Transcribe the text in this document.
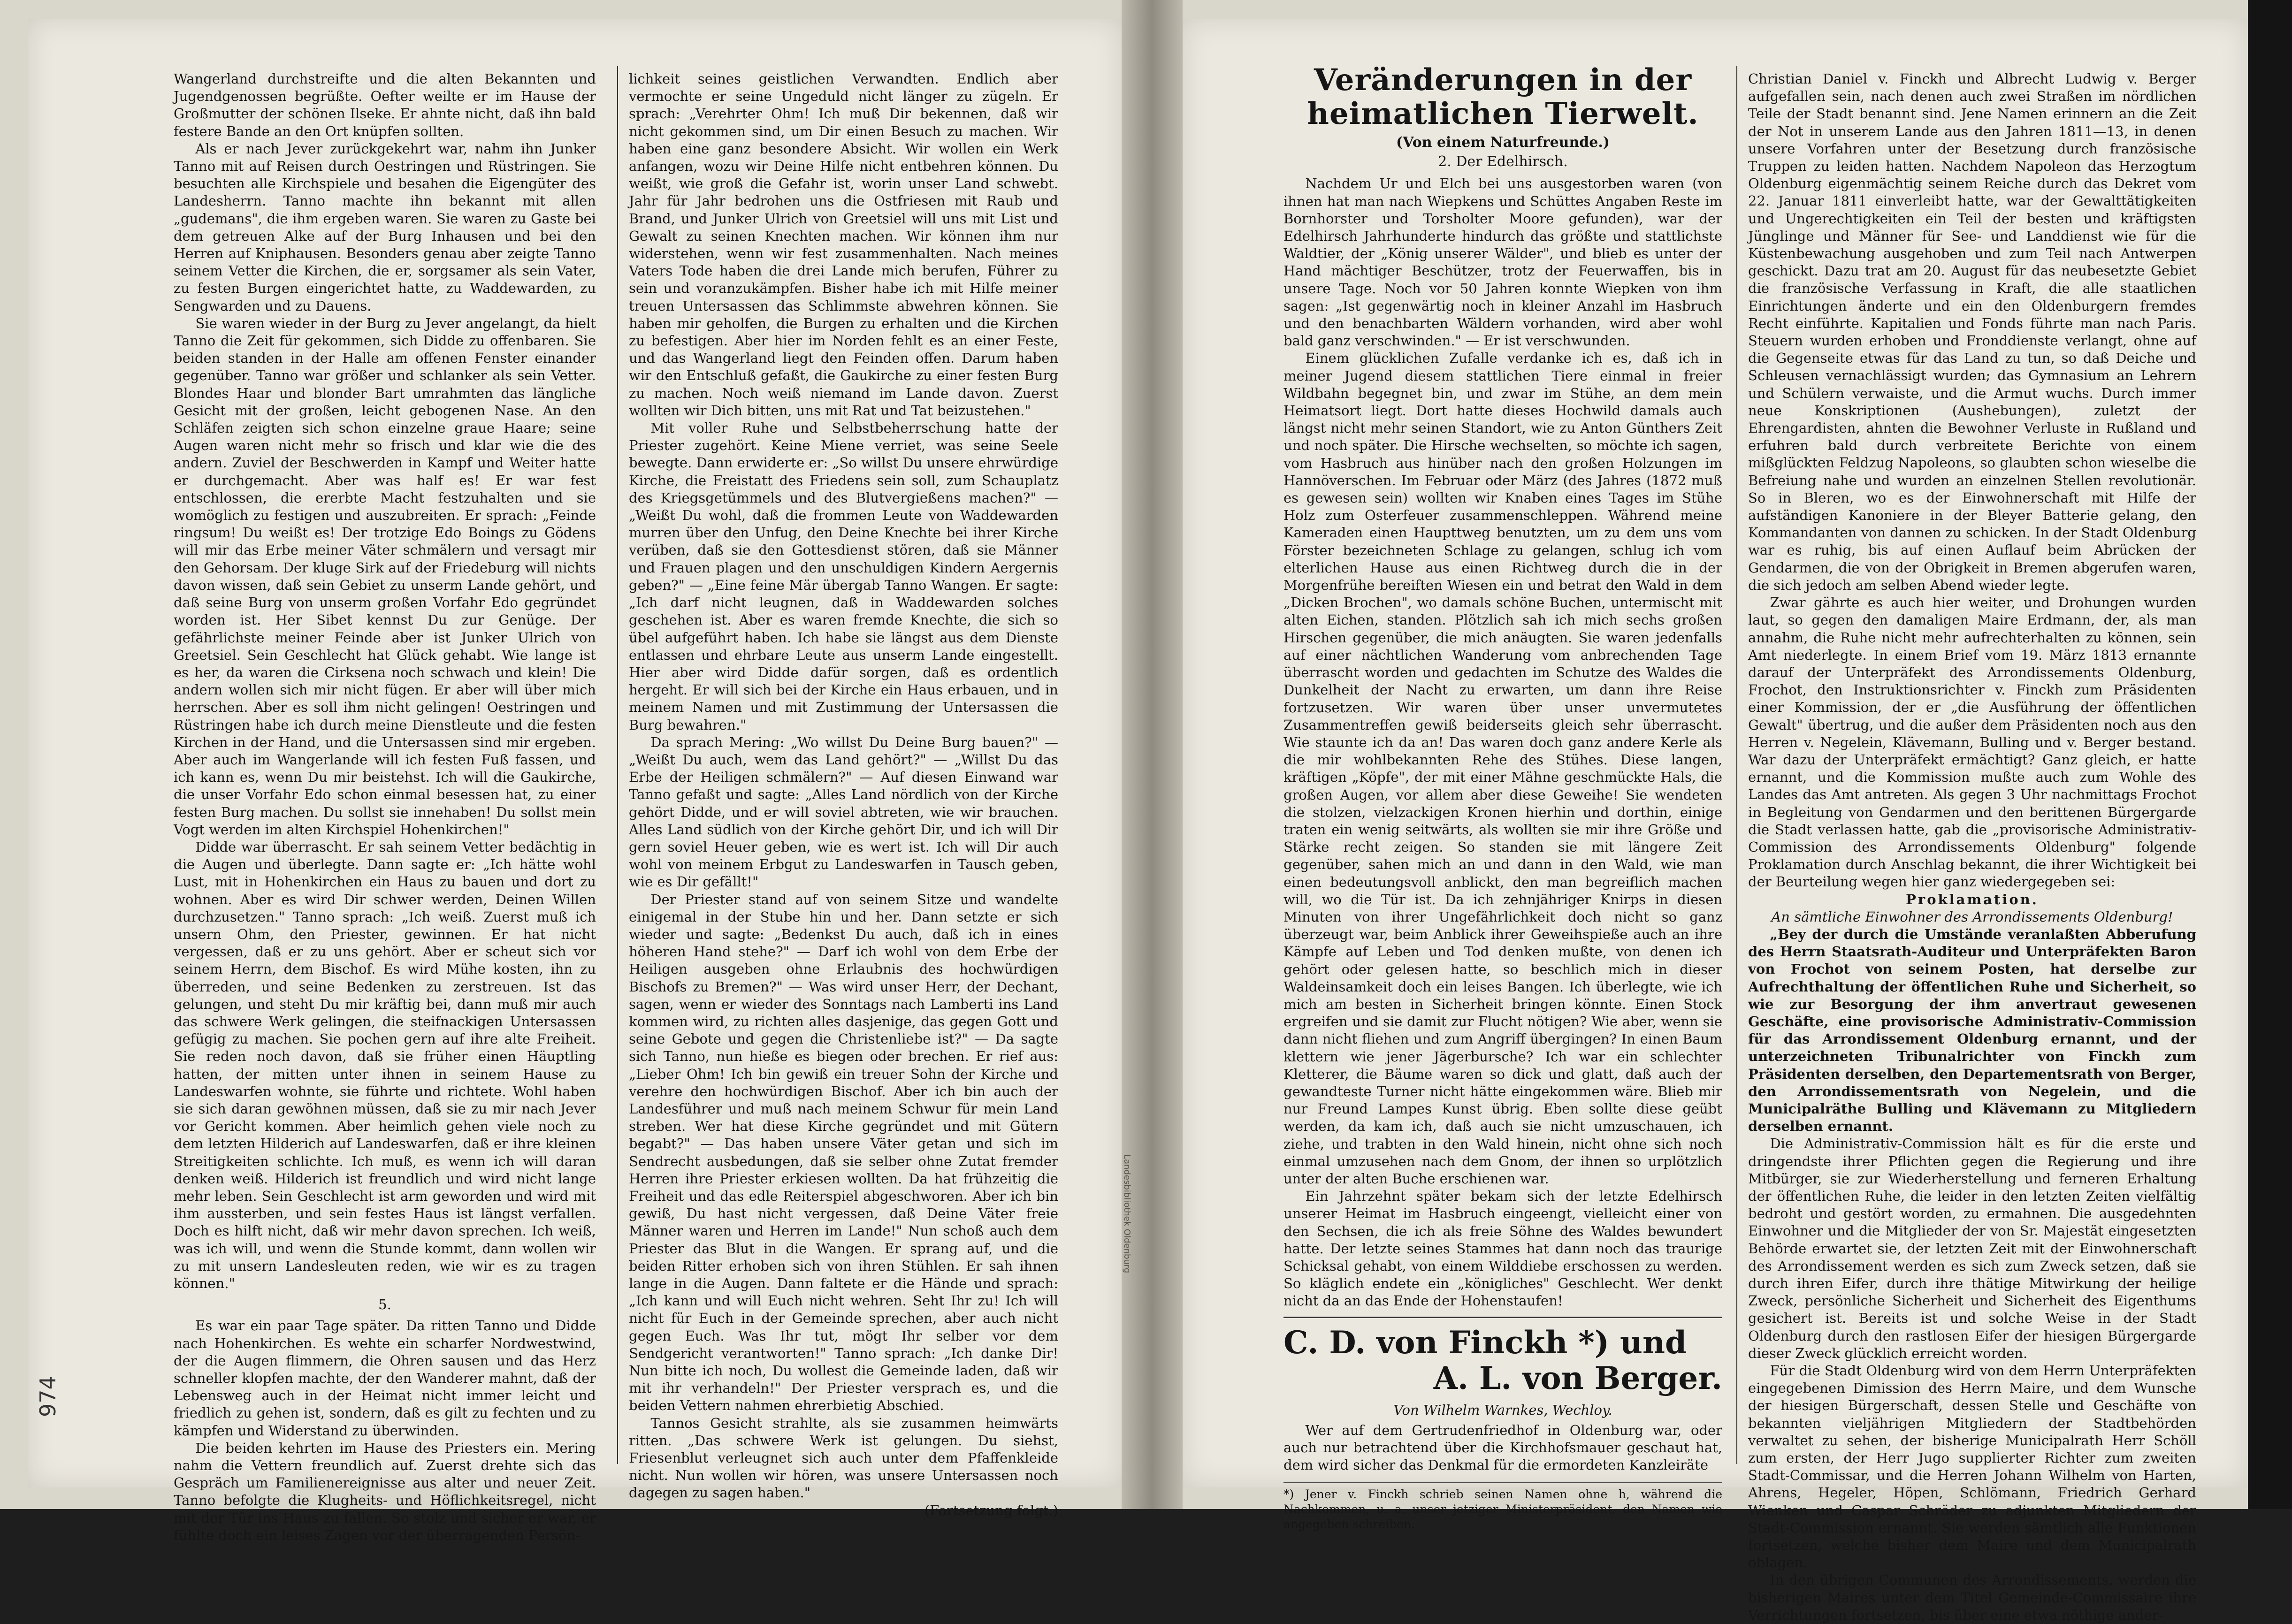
974
Landesbibliothek Oldenburg

Wangerland durchstreifte und die alten Bekannten und Jugendgenossen begrüßte. Oefter weilte er im Hause der Großmutter der schönen Ilseke. Er ahnte nicht, daß ihn bald festere Bande an den Ort knüpfen sollten.

Als er nach Jever zurückgekehrt war, nahm ihn Junker Tanno mit auf Reisen durch Oestringen und Rüstringen. Sie besuchten alle Kirchspiele und besahen die Eigengüter des Landesherrn. Tanno machte ihn bekannt mit allen „gudemans", die ihm ergeben waren. Sie waren zu Gaste bei dem getreuen Alke auf der Burg Inhausen und bei den Herren auf Kniphausen. Besonders genau aber zeigte Tanno seinem Vetter die Kirchen, die er, sorgsamer als sein Vater, zu festen Burgen eingerichtet hatte, zu Waddewarden, zu Sengwarden und zu Dauens.

Sie waren wieder in der Burg zu Jever angelangt, da hielt Tanno die Zeit für gekommen, sich Didde zu offenbaren. Sie beiden standen in der Halle am offenen Fenster einander gegenüber. Tanno war größer und schlanker als sein Vetter. Blondes Haar und blonder Bart umrahmten das längliche Gesicht mit der großen, leicht gebogenen Nase. An den Schläfen zeigten sich schon einzelne graue Haare; seine Augen waren nicht mehr so frisch und klar wie die des andern. Zuviel der Beschwerden in Kampf und Weiter hatte er durchgemacht. Aber was half es! Er war fest entschlossen, die ererbte Macht festzuhalten und sie womöglich zu festigen und auszubreiten. Er sprach: „Feinde ringsum! Du weißt es! Der trotzige Edo Boings zu Gödens will mir das Erbe meiner Väter schmälern und versagt mir den Gehorsam. Der kluge Sirk auf der Friedeburg will nichts davon wissen, daß sein Gebiet zu unserm Lande gehört, und daß seine Burg von unserm großen Vorfahr Edo gegründet worden ist. Her Sibet kennst Du zur Genüge. Der gefährlichste meiner Feinde aber ist Junker Ulrich von Greetsiel. Sein Geschlecht hat Glück gehabt. Wie lange ist es her, da waren die Cirksena noch schwach und klein! Die andern wollen sich mir nicht fügen. Er aber will über mich herrschen. Aber es soll ihm nicht gelingen! Oestringen und Rüstringen habe ich durch meine Dienstleute und die festen Kirchen in der Hand, und die Untersassen sind mir ergeben. Aber auch im Wangerlande will ich festen Fuß fassen, und ich kann es, wenn Du mir beistehst. Ich will die Gaukirche, die unser Vorfahr Edo schon einmal besessen hat, zu einer festen Burg machen. Du sollst sie innehaben! Du sollst mein Vogt werden im alten Kirchspiel Hohenkirchen!"

Didde war überrascht. Er sah seinem Vetter bedächtig in die Augen und überlegte. Dann sagte er: „Ich hätte wohl Lust, mit in Hohenkirchen ein Haus zu bauen und dort zu wohnen. Aber es wird Dir schwer werden, Deinen Willen durchzusetzen." Tanno sprach: „Ich weiß. Zuerst muß ich unsern Ohm, den Priester, gewinnen. Er hat nicht vergessen, daß er zu uns gehört. Aber er scheut sich vor seinem Herrn, dem Bischof. Es wird Mühe kosten, ihn zu überreden, und seine Bedenken zu zerstreuen. Ist das gelungen, und steht Du mir kräftig bei, dann muß mir auch das schwere Werk gelingen, die steifnackigen Untersassen gefügig zu machen. Sie pochen gern auf ihre alte Freiheit. Sie reden noch davon, daß sie früher einen Häuptling hatten, der mitten unter ihnen in seinem Hause zu Landeswarfen wohnte, sie führte und richtete. Wohl haben sie sich daran gewöhnen müssen, daß sie zu mir nach Jever vor Gericht kommen. Aber heimlich gehen viele noch zu dem letzten Hilderich auf Landeswarfen, daß er ihre kleinen Streitigkeiten schlichte. Ich muß, es wenn ich will daran denken weiß. Hilderich ist freundlich und wird nicht lange mehr leben. Sein Geschlecht ist arm geworden und wird mit ihm aussterben, und sein festes Haus ist längst verfallen. Doch es hilft nicht, daß wir mehr davon sprechen. Ich weiß, was ich will, und wenn die Stunde kommt, dann wollen wir zu mit unsern Landesleuten reden, wie wir es zu tragen können."

5.

Es war ein paar Tage später. Da ritten Tanno und Didde nach Hohenkirchen. Es wehte ein scharfer Nordwestwind, der die Augen flimmern, die Ohren sausen und das Herz schneller klopfen machte, der den Wanderer mahnt, daß der Lebensweg auch in der Heimat nicht immer leicht und friedlich zu gehen ist, sondern, daß es gilt zu fechten und zu kämpfen und Widerstand zu überwinden.

Die beiden kehrten im Hause des Priesters ein. Mering nahm die Vettern freundlich auf. Zuerst drehte sich das Gespräch um Familienereignisse aus alter und neuer Zeit. Tanno befolgte die Klugheits- und Höflichkeitsregel, nicht mit der Tür ins Haus zu fallen. So stolz und sicher er war, er fühlte doch ein leises Zagen vor der überragenden Persön-

lichkeit seines geistlichen Verwandten. Endlich aber vermochte er seine Ungeduld nicht länger zu zügeln. Er sprach: „Verehrter Ohm! Ich muß Dir bekennen, daß wir nicht gekommen sind, um Dir einen Besuch zu machen. Wir haben eine ganz besondere Absicht. Wir wollen ein Werk anfangen, wozu wir Deine Hilfe nicht entbehren können. Du weißt, wie groß die Gefahr ist, worin unser Land schwebt. Jahr für Jahr bedrohen uns die Ostfriesen mit Raub und Brand, und Junker Ulrich von Greetsiel will uns mit List und Gewalt zu seinen Knechten machen. Wir können ihm nur widerstehen, wenn wir fest zusammenhalten. Nach meines Vaters Tode haben die drei Lande mich berufen, Führer zu sein und voranzukämpfen. Bisher habe ich mit Hilfe meiner treuen Untersassen das Schlimmste abwehren können. Sie haben mir geholfen, die Burgen zu erhalten und die Kirchen zu befestigen. Aber hier im Norden fehlt es an einer Feste, und das Wangerland liegt den Feinden offen. Darum haben wir den Entschluß gefaßt, die Gaukirche zu einer festen Burg zu machen. Noch weiß niemand im Lande davon. Zuerst wollten wir Dich bitten, uns mit Rat und Tat beizustehen."

Mit voller Ruhe und Selbstbeherrschung hatte der Priester zugehört. Keine Miene verriet, was seine Seele bewegte. Dann erwiderte er: „So willst Du unsere ehrwürdige Kirche, die Freistatt des Friedens sein soll, zum Schauplatz des Kriegsgetümmels und des Blutvergießens machen?" — „Weißt Du wohl, daß die frommen Leute von Waddewarden murren über den Unfug, den Deine Knechte bei ihrer Kirche verüben, daß sie den Gottesdienst stören, daß sie Männer und Frauen plagen und den unschuldigen Kindern Aergernis geben?" — „Eine feine Mär übergab Tanno Wangen. Er sagte: „Ich darf nicht leugnen, daß in Waddewarden solches geschehen ist. Aber es waren fremde Knechte, die sich so übel aufgeführt haben. Ich habe sie längst aus dem Dienste entlassen und ehrbare Leute aus unserm Lande eingestellt. Hier aber wird Didde dafür sorgen, daß es ordentlich hergeht. Er will sich bei der Kirche ein Haus erbauen, und in meinem Namen und mit Zustimmung der Untersassen die Burg bewahren."

Da sprach Mering: „Wo willst Du Deine Burg bauen?" — „Weißt Du auch, wem das Land gehört?" — „Willst Du das Erbe der Heiligen schmälern?" — Auf diesen Einwand war Tanno gefaßt und sagte: „Alles Land nördlich von der Kirche gehört Didde, und er will soviel abtreten, wie wir brauchen. Alles Land südlich von der Kirche gehört Dir, und ich will Dir gern soviel Heuer geben, wie es wert ist. Ich will Dir auch wohl von meinem Erbgut zu Landeswarfen in Tausch geben, wie es Dir gefällt!"

Der Priester stand auf von seinem Sitze und wandelte einigemal in der Stube hin und her. Dann setzte er sich wieder und sagte: „Bedenkst Du auch, daß ich in eines höheren Hand stehe?" — Darf ich wohl von dem Erbe der Heiligen ausgeben ohne Erlaubnis des hochwürdigen Bischofs zu Bremen?" — Was wird unser Herr, der Dechant, sagen, wenn er wieder des Sonntags nach Lamberti ins Land kommen wird, zu richten alles dasjenige, das gegen Gott und seine Gebote und gegen die Christenliebe ist?" — Da sagte sich Tanno, nun hieße es biegen oder brechen. Er rief aus: „Lieber Ohm! Ich bin gewiß ein treuer Sohn der Kirche und verehre den hochwürdigen Bischof. Aber ich bin auch der Landesführer und muß nach meinem Schwur für mein Land streben. Wer hat diese Kirche gegründet und mit Gütern begabt?" — Das haben unsere Väter getan und sich im Sendrecht ausbedungen, daß sie selber ohne Zutat fremder Herren ihre Priester erkiesen wollten. Da hat frühzeitig die Freiheit und das edle Reiterspiel abgeschworen. Aber ich bin gewiß, Du hast nicht vergessen, daß Deine Väter freie Männer waren und Herren im Lande!" Nun schoß auch dem Priester das Blut in die Wangen. Er sprang auf, und die beiden Ritter erhoben sich von ihren Stühlen. Er sah ihnen lange in die Augen. Dann faltete er die Hände und sprach: „Ich kann und will Euch nicht wehren. Seht Ihr zu! Ich will nicht für Euch in der Gemeinde sprechen, aber auch nicht gegen Euch. Was Ihr tut, mögt Ihr selber vor dem Sendgericht verantworten!" Tanno sprach: „Ich danke Dir! Nun bitte ich noch, Du wollest die Gemeinde laden, daß wir mit ihr verhandeln!" Der Priester versprach es, und die beiden Vettern nahmen ehrerbietig Abschied.

Tannos Gesicht strahlte, als sie zusammen heimwärts ritten. „Das schwere Werk ist gelungen. Du siehst, Friesenblut verleugnet sich auch unter dem Pfaffenkleide nicht. Nun wollen wir hören, was unsere Untersassen noch dagegen zu sagen haben."

(Fortsetzung folgt.)

Veränderungen in der heimatlichen Tierwelt.
(Von einem Naturfreunde.)
2. Der Edelhirsch.

Nachdem Ur und Elch bei uns ausgestorben waren (von ihnen hat man nach Wiepkens und Schüttes Angaben Reste im Bornhorster und Torsholter Moore gefunden), war der Edelhirsch Jahrhunderte hindurch das größte und stattlichste Waldtier, der „König unserer Wälder", und blieb es unter der Hand mächtiger Beschützer, trotz der Feuerwaffen, bis in unsere Tage. Noch vor 50 Jahren konnte Wiepken von ihm sagen: „Ist gegenwärtig noch in kleiner Anzahl im Hasbruch und den benachbarten Wäldern vorhanden, wird aber wohl bald ganz verschwinden." — Er ist verschwunden.

Einem glücklichen Zufalle verdanke ich es, daß ich in meiner Jugend diesem stattlichen Tiere einmal in freier Wildbahn begegnet bin, und zwar im Stühe, an dem mein Heimatsort liegt. Dort hatte dieses Hochwild damals auch längst nicht mehr seinen Standort, wie zu Anton Günthers Zeit und noch später. Die Hirsche wechselten, so möchte ich sagen, vom Hasbruch aus hinüber nach den großen Holzungen im Hannöverschen. Im Februar oder März (des Jahres (1872 muß es gewesen sein) wollten wir Knaben eines Tages im Stühe Holz zum Osterfeuer zusammenschleppen. Während meine Kameraden einen Haupttweg benutzten, um zu dem uns vom Förster bezeichneten Schlage zu gelangen, schlug ich vom elterlichen Hause aus einen Richtweg durch die in der Morgenfrühe bereiften Wiesen ein und betrat den Wald in dem „Dicken Brochen", wo damals schöne Buchen, untermischt mit alten Eichen, standen. Plötzlich sah ich mich sechs großen Hirschen gegenüber, die mich anäugten. Sie waren jedenfalls auf einer nächtlichen Wanderung vom anbrechenden Tage überrascht worden und gedachten im Schutze des Waldes die Dunkelheit der Nacht zu erwarten, um dann ihre Reise fortzusetzen. Wir waren über unser unvermutetes Zusammentreffen gewiß beiderseits gleich sehr überrascht. Wie staunte ich da an! Das waren doch ganz andere Kerle als die mir wohlbekannten Rehe des Stühes. Diese langen, kräftigen „Köpfe", der mit einer Mähne geschmückte Hals, die großen Augen, vor allem aber diese Geweihe! Sie wendeten die stolzen, vielzackigen Kronen hierhin und dorthin, einige traten ein wenig seitwärts, als wollten sie mir ihre Größe und Stärke recht zeigen. So standen sie mit längere Zeit gegenüber, sahen mich an und dann in den Wald, wie man einen bedeutungsvoll anblickt, den man begreiflich machen will, wo die Tür ist. Da ich zehnjähriger Knirps in diesen Minuten von ihrer Ungefährlichkeit doch nicht so ganz überzeugt war, beim Anblick ihrer Geweihspieße auch an ihre Kämpfe auf Leben und Tod denken mußte, von denen ich gehört oder gelesen hatte, so beschlich mich in dieser Waldeinsamkeit doch ein leises Bangen. Ich überlegte, wie ich mich am besten in Sicherheit bringen könnte. Einen Stock ergreifen und sie damit zur Flucht nötigen? Wie aber, wenn sie dann nicht fliehen und zum Angriff übergingen? In einen Baum klettern wie jener Jägerbursche? Ich war ein schlechter Kletterer, die Bäume waren so dick und glatt, daß auch der gewandteste Turner nicht hätte eingekommen wäre. Blieb mir nur Freund Lampes Kunst übrig. Eben sollte diese geübt werden, da kam ich, daß auch sie nicht umzuschauen, ich ziehe, und trabten in den Wald hinein, nicht ohne sich noch einmal umzusehen nach dem Gnom, der ihnen so urplötzlich unter der alten Buche erschienen war.

Ein Jahrzehnt später bekam sich der letzte Edelhirsch unserer Heimat im Hasbruch eingeengt, vielleicht einer von den Sechsen, die ich als freie Söhne des Waldes bewundert hatte. Der letzte seines Stammes hat dann noch das traurige Schicksal gehabt, von einem Wilddiebe erschossen zu werden. So kläglich endete ein „königliches" Geschlecht. Wer denkt nicht da an das Ende der Hohenstaufen!

C. D. von Finckh *) und
A. L. von Berger.
Von Wilhelm Warnkes, Wechloy.

Wer auf dem Gertrudenfriedhof in Oldenburg war, oder auch nur betrachtend über die Kirchhofsmauer geschaut hat, dem wird sicher das Denkmal für die ermordeten Kanzleiräte

*) Jener v. Finckh schrieb seinen Namen ohne h, während die Nachkommen, u. a. unser jetziger Ministerpräsident, den Namen wie angegeben schreiben.

Christian Daniel v. Finckh und Albrecht Ludwig v. Berger aufgefallen sein, nach denen auch zwei Straßen im nördlichen Teile der Stadt benannt sind. Jene Namen erinnern an die Zeit der Not in unserem Lande aus den Jahren 1811—13, in denen unsere Vorfahren unter der Besetzung durch französische Truppen zu leiden hatten. Nachdem Napoleon das Herzogtum Oldenburg eigenmächtig seinem Reiche durch das Dekret vom 22. Januar 1811 einverleibt hatte, war der Gewalttätigkeiten und Ungerechtigkeiten ein Teil der besten und kräftigsten Jünglinge und Männer für See- und Landdienst wie für die Küstenbewachung ausgehoben und zum Teil nach Antwerpen geschickt. Dazu trat am 20. August für das neubesetzte Gebiet die französische Verfassung in Kraft, die alle staatlichen Einrichtungen änderte und ein den Oldenburgern fremdes Recht einführte. Kapitalien und Fonds führte man nach Paris. Steuern wurden erhoben und Fronddienste verlangt, ohne auf die Gegenseite etwas für das Land zu tun, so daß Deiche und Schleusen vernachlässigt wurden; das Gymnasium an Lehrern und Schülern verwaiste, und die Armut wuchs. Durch immer neue Konskriptionen (Aushebungen), zuletzt der Ehrengardisten, ahnten die Bewohner Verluste in Rußland und erfuhren bald durch verbreitete Berichte von einem mißglückten Feldzug Napoleons, so glaubten schon wieselbe die Befreiung nahe und wurden an einzelnen Stellen revolutionär. So in Bleren, wo es der Einwohnerschaft mit Hilfe der aufständigen Kanoniere in der Bleyer Batterie gelang, den Kommandanten von dannen zu schicken. In der Stadt Oldenburg war es ruhig, bis auf einen Auflauf beim Abrücken der Gendarmen, die von der Obrigkeit in Bremen abgerufen waren, die sich jedoch am selben Abend wieder legte.

Zwar gährte es auch hier weiter, und Drohungen wurden laut, so gegen den damaligen Maire Erdmann, der, als man annahm, die Ruhe nicht mehr aufrechterhalten zu können, sein Amt niederlegte. In einem Brief vom 19. März 1813 ernannte darauf der Unterpräfekt des Arrondissements Oldenburg, Frochot, den Instruktionsrichter v. Finckh zum Präsidenten einer Kommission, der er „die Ausführung der öffentlichen Gewalt" übertrug, und die außer dem Präsidenten noch aus den Herren v. Negelein, Klävemann, Bulling und v. Berger bestand. War dazu der Unterpräfekt ermächtigt? Ganz gleich, er hatte ernannt, und die Kommission mußte auch zum Wohle des Landes das Amt antreten. Als gegen 3 Uhr nachmittags Frochot in Begleitung von Gendarmen und den berittenen Bürgergarde die Stadt verlassen hatte, gab die „provisorische Administrativ-Commission des Arrondissements Oldenburg" folgende Proklamation durch Anschlag bekannt, die ihrer Wichtigkeit bei der Beurteilung wegen hier ganz wiedergegeben sei:

Proklamation.

An sämtliche Einwohner des Arrondissements Oldenburg!

„Bey der durch die Umstände veranlaßten Abberufung des Herrn Staatsrath-Auditeur und Unterpräfekten Baron von Frochot von seinem Posten, hat derselbe zur Aufrechthaltung der öffentlichen Ruhe und Sicherheit, so wie zur Besorgung der ihm anvertraut gewesenen Geschäfte, eine provisorische Administrativ-Commission für das Arrondissement Oldenburg ernannt, und der unterzeichneten Tribunalrichter von Finckh zum Präsidenten derselben, den Departementsrath von Berger, den Arrondissementsrath von Negelein, und die Municipalräthe Bulling und Klävemann zu Mitgliedern derselben ernannt.

Die Administrativ-Commission hält es für die erste und dringendste ihrer Pflichten gegen die Regierung und ihre Mitbürger, sie zur Wiederherstellung und ferneren Erhaltung der öffentlichen Ruhe, die leider in den letzten Zeiten vielfältig bedroht und gestört worden, zu ermahnen. Die ausgedehnten Einwohner und die Mitglieder der von Sr. Majestät eingesetzten Behörde erwartet sie, der letzten Zeit mit der Einwohnerschaft des Arrondissement werden es sich zum Zweck setzen, daß sie durch ihren Eifer, durch ihre thätige Mitwirkung der heilige Zweck, persönliche Sicherheit und Sicherheit des Eigenthums gesichert ist. Bereits ist und solche Weise in der Stadt Oldenburg durch den rastlosen Eifer der hiesigen Bürgergarde dieser Zweck glücklich erreicht worden.

Für die Stadt Oldenburg wird von dem Herrn Unterpräfekten eingegebenen Dimission des Herrn Maire, und dem Wunsche der hiesigen Bürgerschaft, dessen Stelle und Geschäfte von bekannten vieljährigen Mitgliedern der Stadtbehörden verwaltet zu sehen, der bisherige Municipalrath Herr Schöll zum ersten, der Herr Jugo supplierter Richter zum zweiten Stadt-Commissar, und die Herren Johann Wilhelm von Harten, Ahrens, Hegeler, Höpen, Schlömann, Friedrich Gerhard Wienken und Caspar Schröder zu adjunkten Mitgliedern der Stadt-Commission ernannt. Sie werden sämtlich alle Funktionen fortsetzen, welche bisher dem Maire und dem Municipalrath oblagen.

In den übrigen Communen des Arrondissements, werden die bisherigen Maires unter dem Titel Gemeinde-Commissaire ihre Verrichtungen fortsetzen, bis über eine etwa nöthige ander-
